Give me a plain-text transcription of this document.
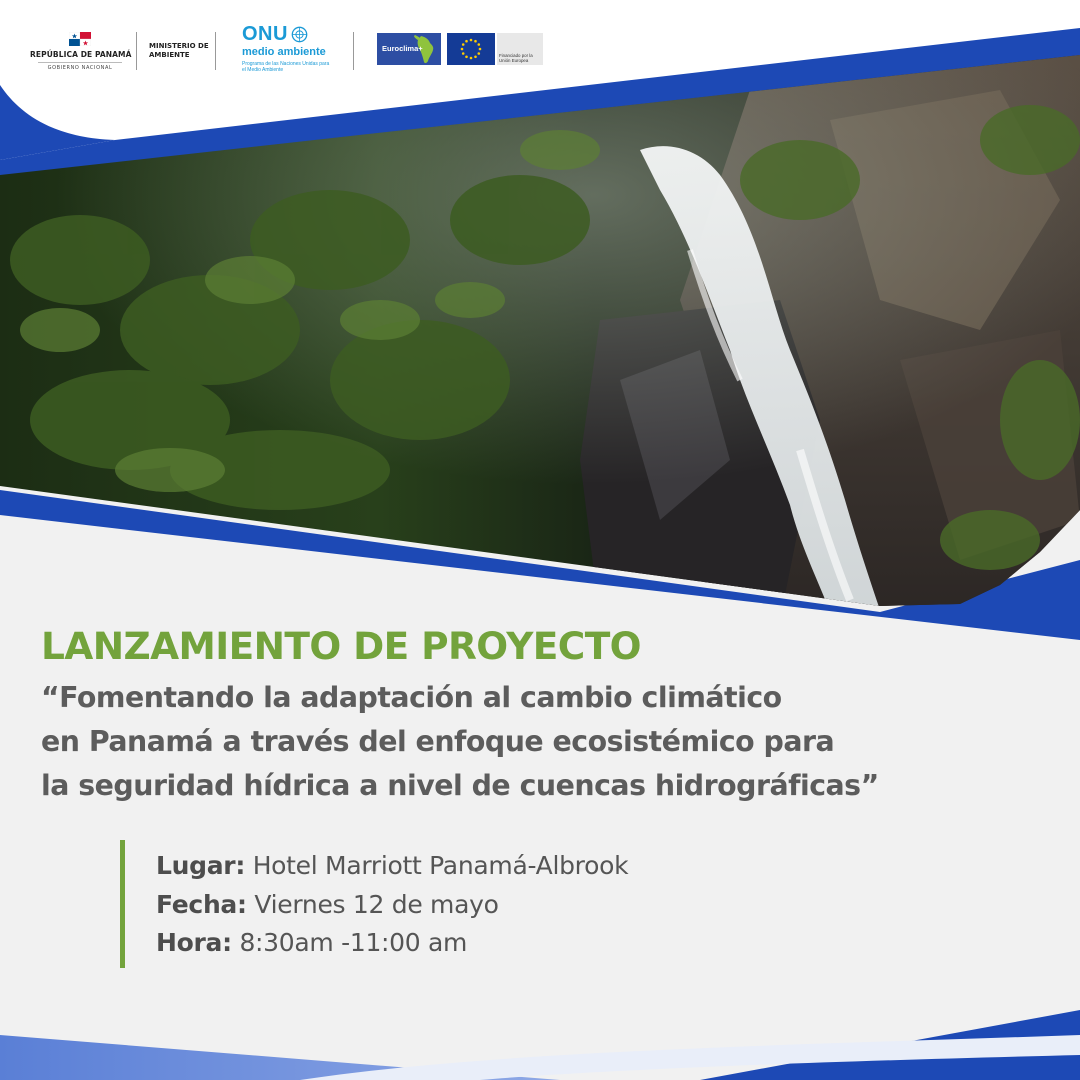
REPÚBLICA DE PANAMÁ
GOBIERNO NACIONAL
MINISTERIO DE
AMBIENTE
ONU
medio ambiente
Programa de las Naciones Unidas para el Medio Ambiente
Euroclima+
Financiado por la Unión Europea
LANZAMIENTO DE PROYECTO
“Fomentando la adaptación al cambio climático
en Panamá a través del enfoque ecosistémico para
la seguridad hídrica a nivel de cuencas hidrográficas”
Lugar: Hotel Marriott Panamá-Albrook
Fecha: Viernes 12 de mayo
Hora: 8:30am -11:00 am
